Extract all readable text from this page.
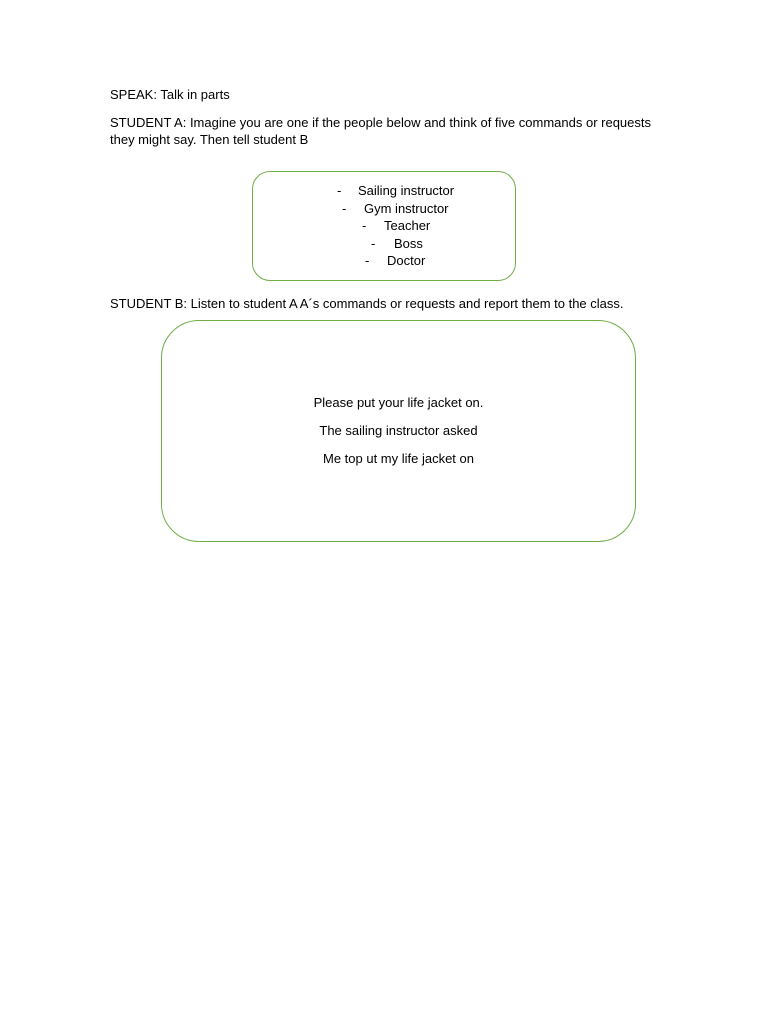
SPEAK: Talk in parts
STUDENT A: Imagine you are one if the people below and think of five commands or requests they might say. Then tell student B
- Sailing instructor
- Gym instructor
- Teacher
- Boss
- Doctor
STUDENT B: Listen to student A A´s commands or requests and report them to the class.
Please put your life jacket on.
The sailing instructor asked
Me top ut my life jacket on
